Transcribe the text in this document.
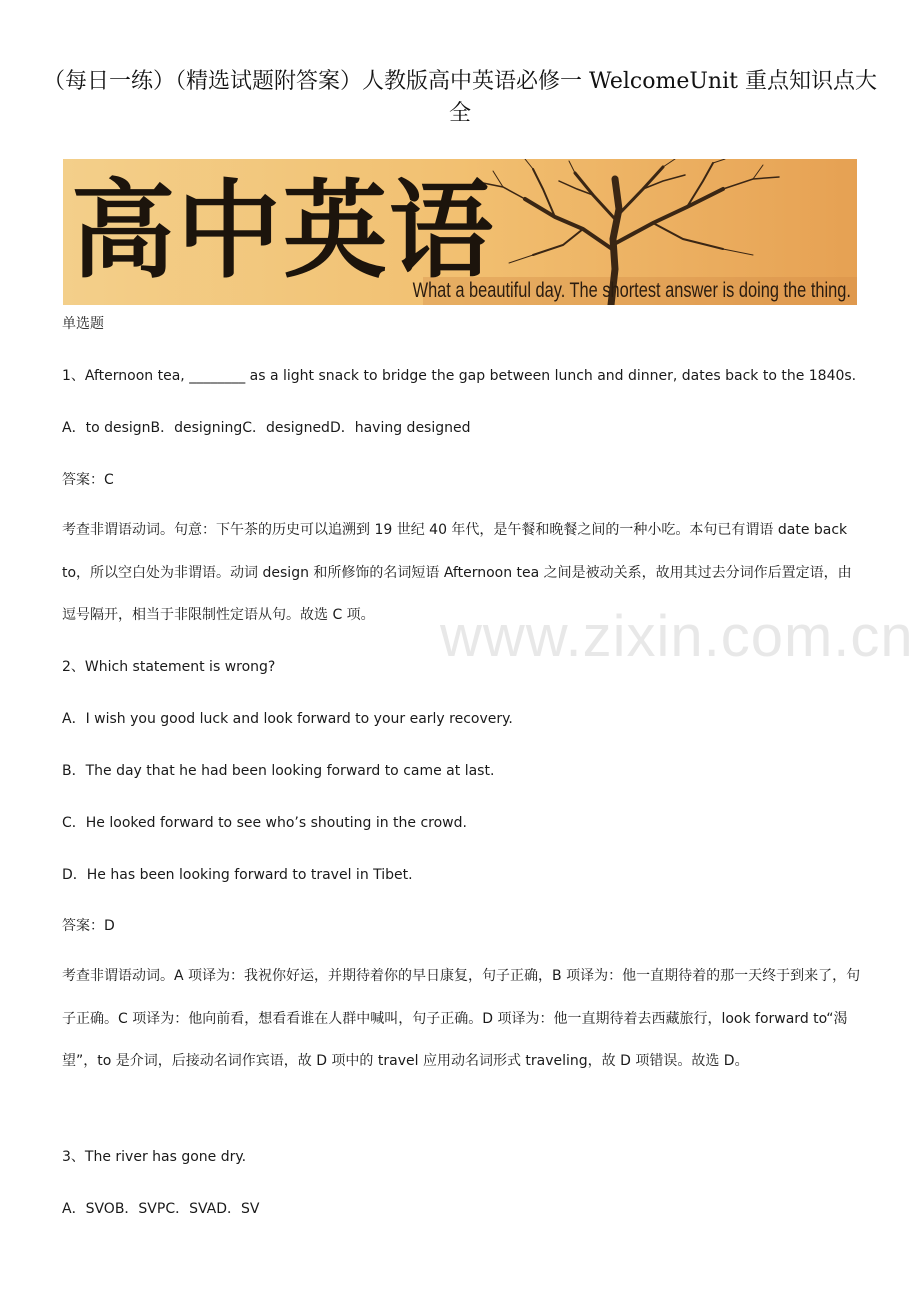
（每日一练）（精选试题附答案）人教版高中英语必修一 WelcomeUnit 重点知识点大全
高中英语
What a beautiful day. The shortest answer is doing the thing.
单选题
1、Afternoon tea, ________ as a light snack to bridge the gap between lunch and dinner, dates back to the 1840s.
A．to designB．designingC．designedD．having designed
答案：C
考查非谓语动词。句意：下午茶的历史可以追溯到 19 世纪 40 年代，是午餐和晚餐之间的一种小吃。本句已有谓语 date back to，所以空白处为非谓语。动词 design 和所修饰的名词短语 Afternoon tea 之间是被动关系，故用其过去分词作后置定语，由逗号隔开，相当于非限制性定语从句。故选 C 项。	www.zixin.com.cn
2、Which statement is wrong?
A．I wish you good luck and look forward to your early recovery.
B．The day that he had been looking forward to came at last.
C．He looked forward to see who’s shouting in the crowd.
D．He has been looking forward to travel in Tibet.
答案：D
考查非谓语动词。A 项译为：我祝你好运，并期待着你的早日康复，句子正确，B 项译为：他一直期待着的那一天终于到来了，句子正确。C 项译为：他向前看，想看看谁在人群中喊叫，句子正确。D 项译为：他一直期待着去西藏旅行，look forward to“渴望”，to 是介词，后接动名词作宾语，故 D 项中的 travel 应用动名词形式 traveling，故 D 项错误。故选 D。
3、The river has gone dry.
A．SVOB．SVPC．SVAD．SV
